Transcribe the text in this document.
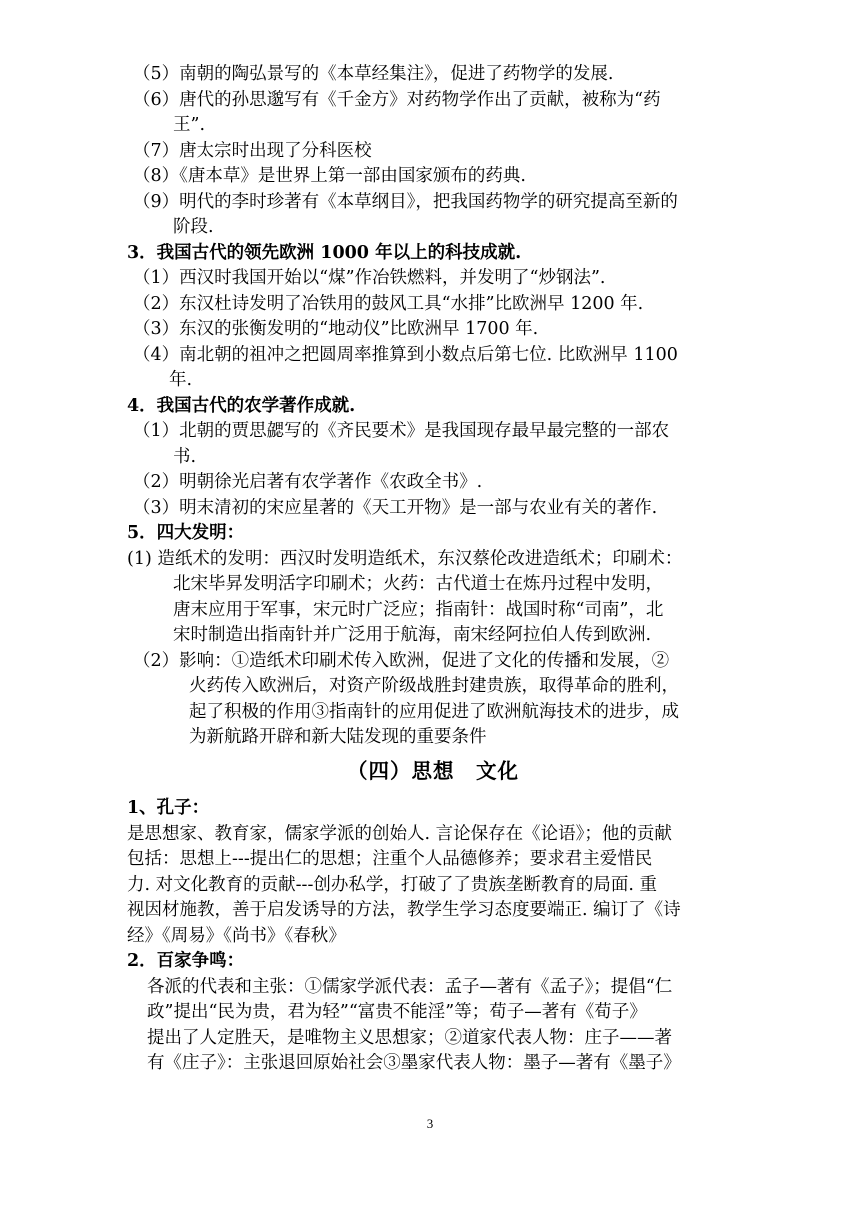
（5）南朝的陶弘景写的《本草经集注》，促进了药物学的发展.

（6）唐代的孙思邈写有《千金方》对药物学作出了贡献，被称为“药

王”.

（7）唐太宗时出现了分科医校

（8）《唐本草》是世界上第一部由国家颁布的药典.

（9）明代的李时珍著有《本草纲目》，把我国药物学的研究提高至新的

阶段.

3．我国古代的领先欧洲 1000 年以上的科技成就.

（1）西汉时我国开始以“煤”作冶铁燃料，并发明了“炒钢法”.

（2）东汉杜诗发明了冶铁用的鼓风工具“水排”比欧洲早 1200 年.

（3）东汉的张衡发明的“地动仪”比欧洲早 1700 年.

（4）南北朝的祖冲之把圆周率推算到小数点后第七位. 比欧洲早 1100

年.

4．我国古代的农学著作成就.

（1）北朝的贾思勰写的《齐民要术》是我国现存最早最完整的一部农

书.

（2）明朝徐光启著有农学著作《农政全书》.

（3）明末清初的宋应星著的《天工开物》是一部与农业有关的著作.

5．四大发明：

(1) 造纸术的发明：西汉时发明造纸术，东汉蔡伦改进造纸术；印刷术：

北宋毕昇发明活字印刷术；火药：古代道士在炼丹过程中发明，

唐末应用于军事，宋元时广泛应；指南针：战国时称“司南”，北

宋时制造出指南针并广泛用于航海，南宋经阿拉伯人传到欧洲.

（2）影响：①造纸术印刷术传入欧洲，促进了文化的传播和发展，②

火药传入欧洲后，对资产阶级战胜封建贵族，取得革命的胜利，

起了积极的作用③指南针的应用促进了欧洲航海技术的进步，成

为新航路开辟和新大陆发现的重要条件

（四）思想　文化

1、孔子：

是思想家、教育家，儒家学派的创始人. 言论保存在《论语》；他的贡献

包括：思想上---提出仁的思想；注重个人品德修养；要求君主爱惜民

力. 对文化教育的贡献---创办私学，打破了了贵族垄断教育的局面. 重

视因材施教，善于启发诱导的方法，教学生学习态度要端正. 编订了《诗

经》《周易》《尚书》《春秋》

2．百家争鸣：

各派的代表和主张：①儒家学派代表：孟子—著有《孟子》；提倡“仁

政”提出“民为贵，君为轻”“富贵不能淫”等；荀子—著有《荀子》

提出了人定胜天，是唯物主义思想家；②道家代表人物：庄子——著

有《庄子》：主张退回原始社会③墨家代表人物：墨子—著有《墨子》

3
